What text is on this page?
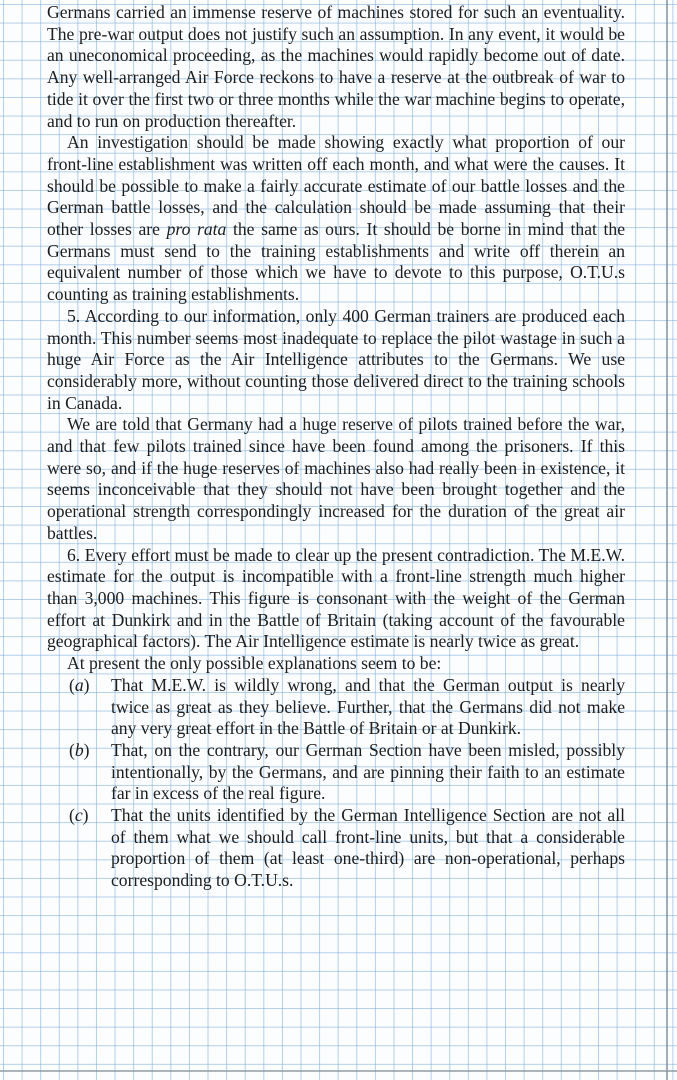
Germans carried an immense reserve of machines stored for such an eventuality. The pre-war output does not justify such an assumption. In any event, it would be an uneconomical proceeding, as the machines would rapidly become out of date. Any well-arranged Air Force reckons to have a reserve at the outbreak of war to tide it over the first two or three months while the war machine begins to operate, and to run on production thereafter.

An investigation should be made showing exactly what proportion of our front-line establishment was written off each month, and what were the causes. It should be possible to make a fairly accurate estimate of our battle losses and the German battle losses, and the calculation should be made assuming that their other losses are pro rata the same as ours. It should be borne in mind that the Germans must send to the training establishments and write off therein an equivalent number of those which we have to devote to this purpose, O.T.U.s counting as training establishments.

5. According to our information, only 400 German trainers are produced each month. This number seems most inadequate to replace the pilot wastage in such a huge Air Force as the Air Intelligence attributes to the Germans. We use considerably more, without counting those delivered direct to the training schools in Canada.

We are told that Germany had a huge reserve of pilots trained before the war, and that few pilots trained since have been found among the prisoners. If this were so, and if the huge reserves of machines also had really been in existence, it seems inconceivable that they should not have been brought together and the operational strength correspondingly increased for the duration of the great air battles.

6. Every effort must be made to clear up the present contradiction. The M.E.W. estimate for the output is incompatible with a front-line strength much higher than 3,000 machines. This figure is consonant with the weight of the German effort at Dunkirk and in the Battle of Britain (taking account of the favourable geographical factors). The Air Intelligence estimate is nearly twice as great.

At present the only possible explanations seem to be:

(a)	That M.E.W. is wildly wrong, and that the German output is nearly twice as great as they believe. Further, that the Germans did not make any very great effort in the Battle of Britain or at Dunkirk.
(b)	That, on the contrary, our German Section have been misled, possibly intentionally, by the Germans, and are pinning their faith to an estimate far in excess of the real figure.
(c)	That the units identified by the German Intelligence Section are not all of them what we should call front-line units, but that a considerable proportion of them (at least one-third) are non-operational, perhaps corresponding to O.T.U.s.
